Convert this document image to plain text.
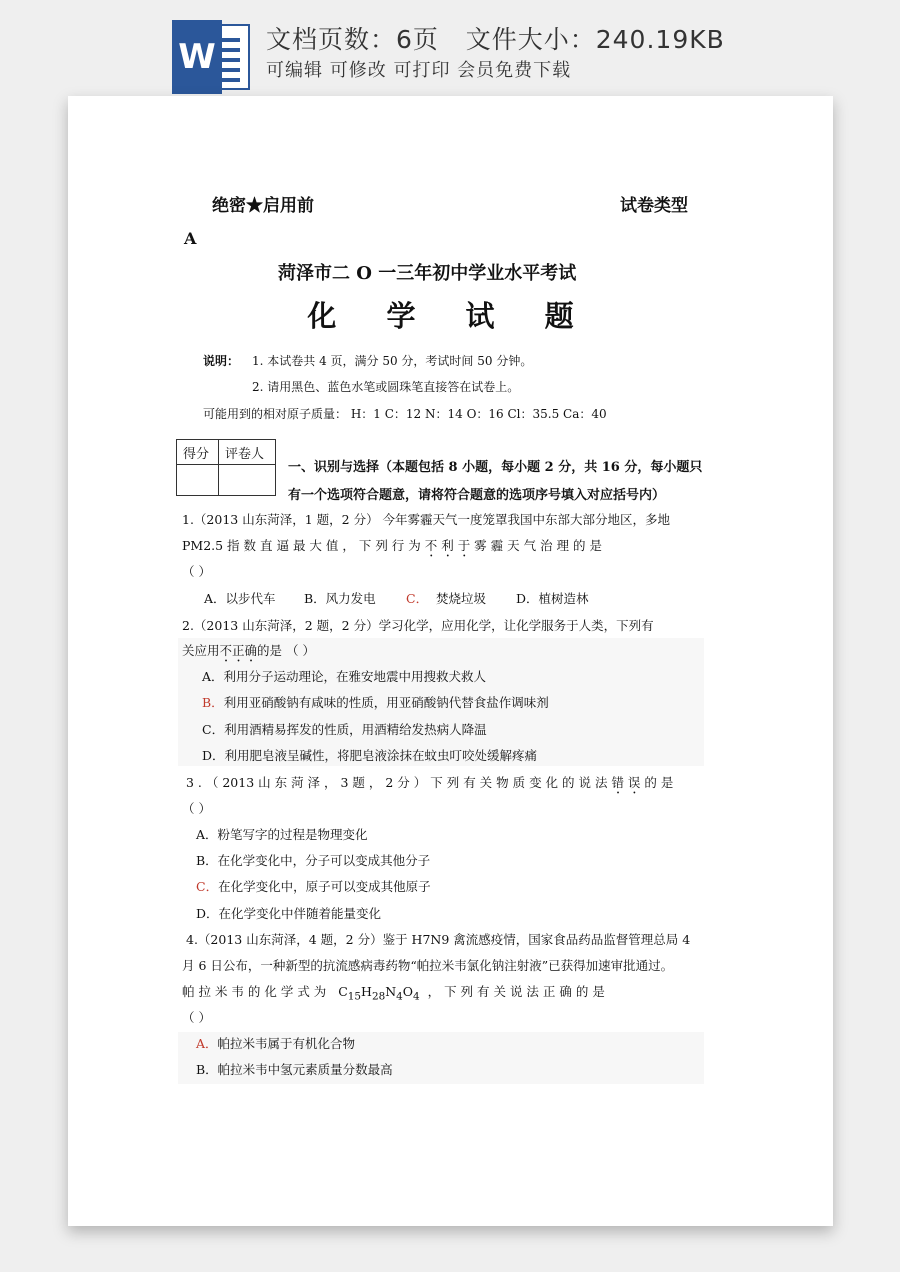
W 文档页数：6页   文件大小：240.19KB
可编辑 可修改 可打印 会员免费下载
绝密★启用前	试卷类型
A
菏泽市二 O 一三年初中学业水平考试
化 学 试 题
说明： 1. 本试卷共 4 页，满分 50 分，考试时间 50 分钟。
2. 请用黑色、蓝色水笔或圆珠笔直接答在试卷上。
可能用到的相对原子质量： H：1 C：12 N：14 O：16 Cl：35.5 Ca：40
得分 评卷人
一、识别与选择（本题包括 8 小题，每小题 2 分，共 16 分，每小题只
有一个选项符合题意，请将符合题意的选项序号填入对应括号内）
1.（2013 山东菏泽，1 题，2 分） 今年雾霾天气一度笼罩我国中东部大部分地区，多地
PM2.5 指 数 直 逼 最 大 值 ， 下 列 行 为 不 利 于 雾 霾 天 气 治 理 的 是
（ ）
A．以步代车 B．风力发电 C． 焚烧垃圾 D．植树造林
2.（2013 山东菏泽，2 题，2 分）学习化学，应用化学，让化学服务于人类，下列有
关应用不正确的是 （ ）
A．利用分子运动理论，在雅安地震中用搜救犬救人
B．利用亚硝酸钠有咸味的性质，用亚硝酸钠代替食盐作调味剂
C．利用酒精易挥发的性质，用酒精给发热病人降温
D．利用肥皂液呈碱性，将肥皂液涂抹在蚊虫叮咬处缓解疼痛
3 . （ 2013 山 东 菏 泽 ， 3 题 ， 2 分 ） 下 列 有 关 物 质 变 化 的 说 法 错 误 的 是
（ ）
A．粉笔写字的过程是物理变化
B．在化学变化中，分子可以变成其他分子
C．在化学变化中，原子可以变成其他原子
D．在化学变化中伴随着能量变化
4.（2013 山东菏泽，4 题，2 分）鉴于 H7N9 禽流感疫情，国家食品药品监督管理总局 4
月 6 日公布，一种新型的抗流感病毒药物“帕拉米韦氯化钠注射液”已获得加速审批通过。
帕 拉 米 韦 的 化 学 式 为 $C_{15}H_{28}N_4O_4$ ， 下 列 有 关 说 法 正 确 的 是
（ ）
A．帕拉米韦属于有机化合物
B．帕拉米韦中氢元素质量分数最高
